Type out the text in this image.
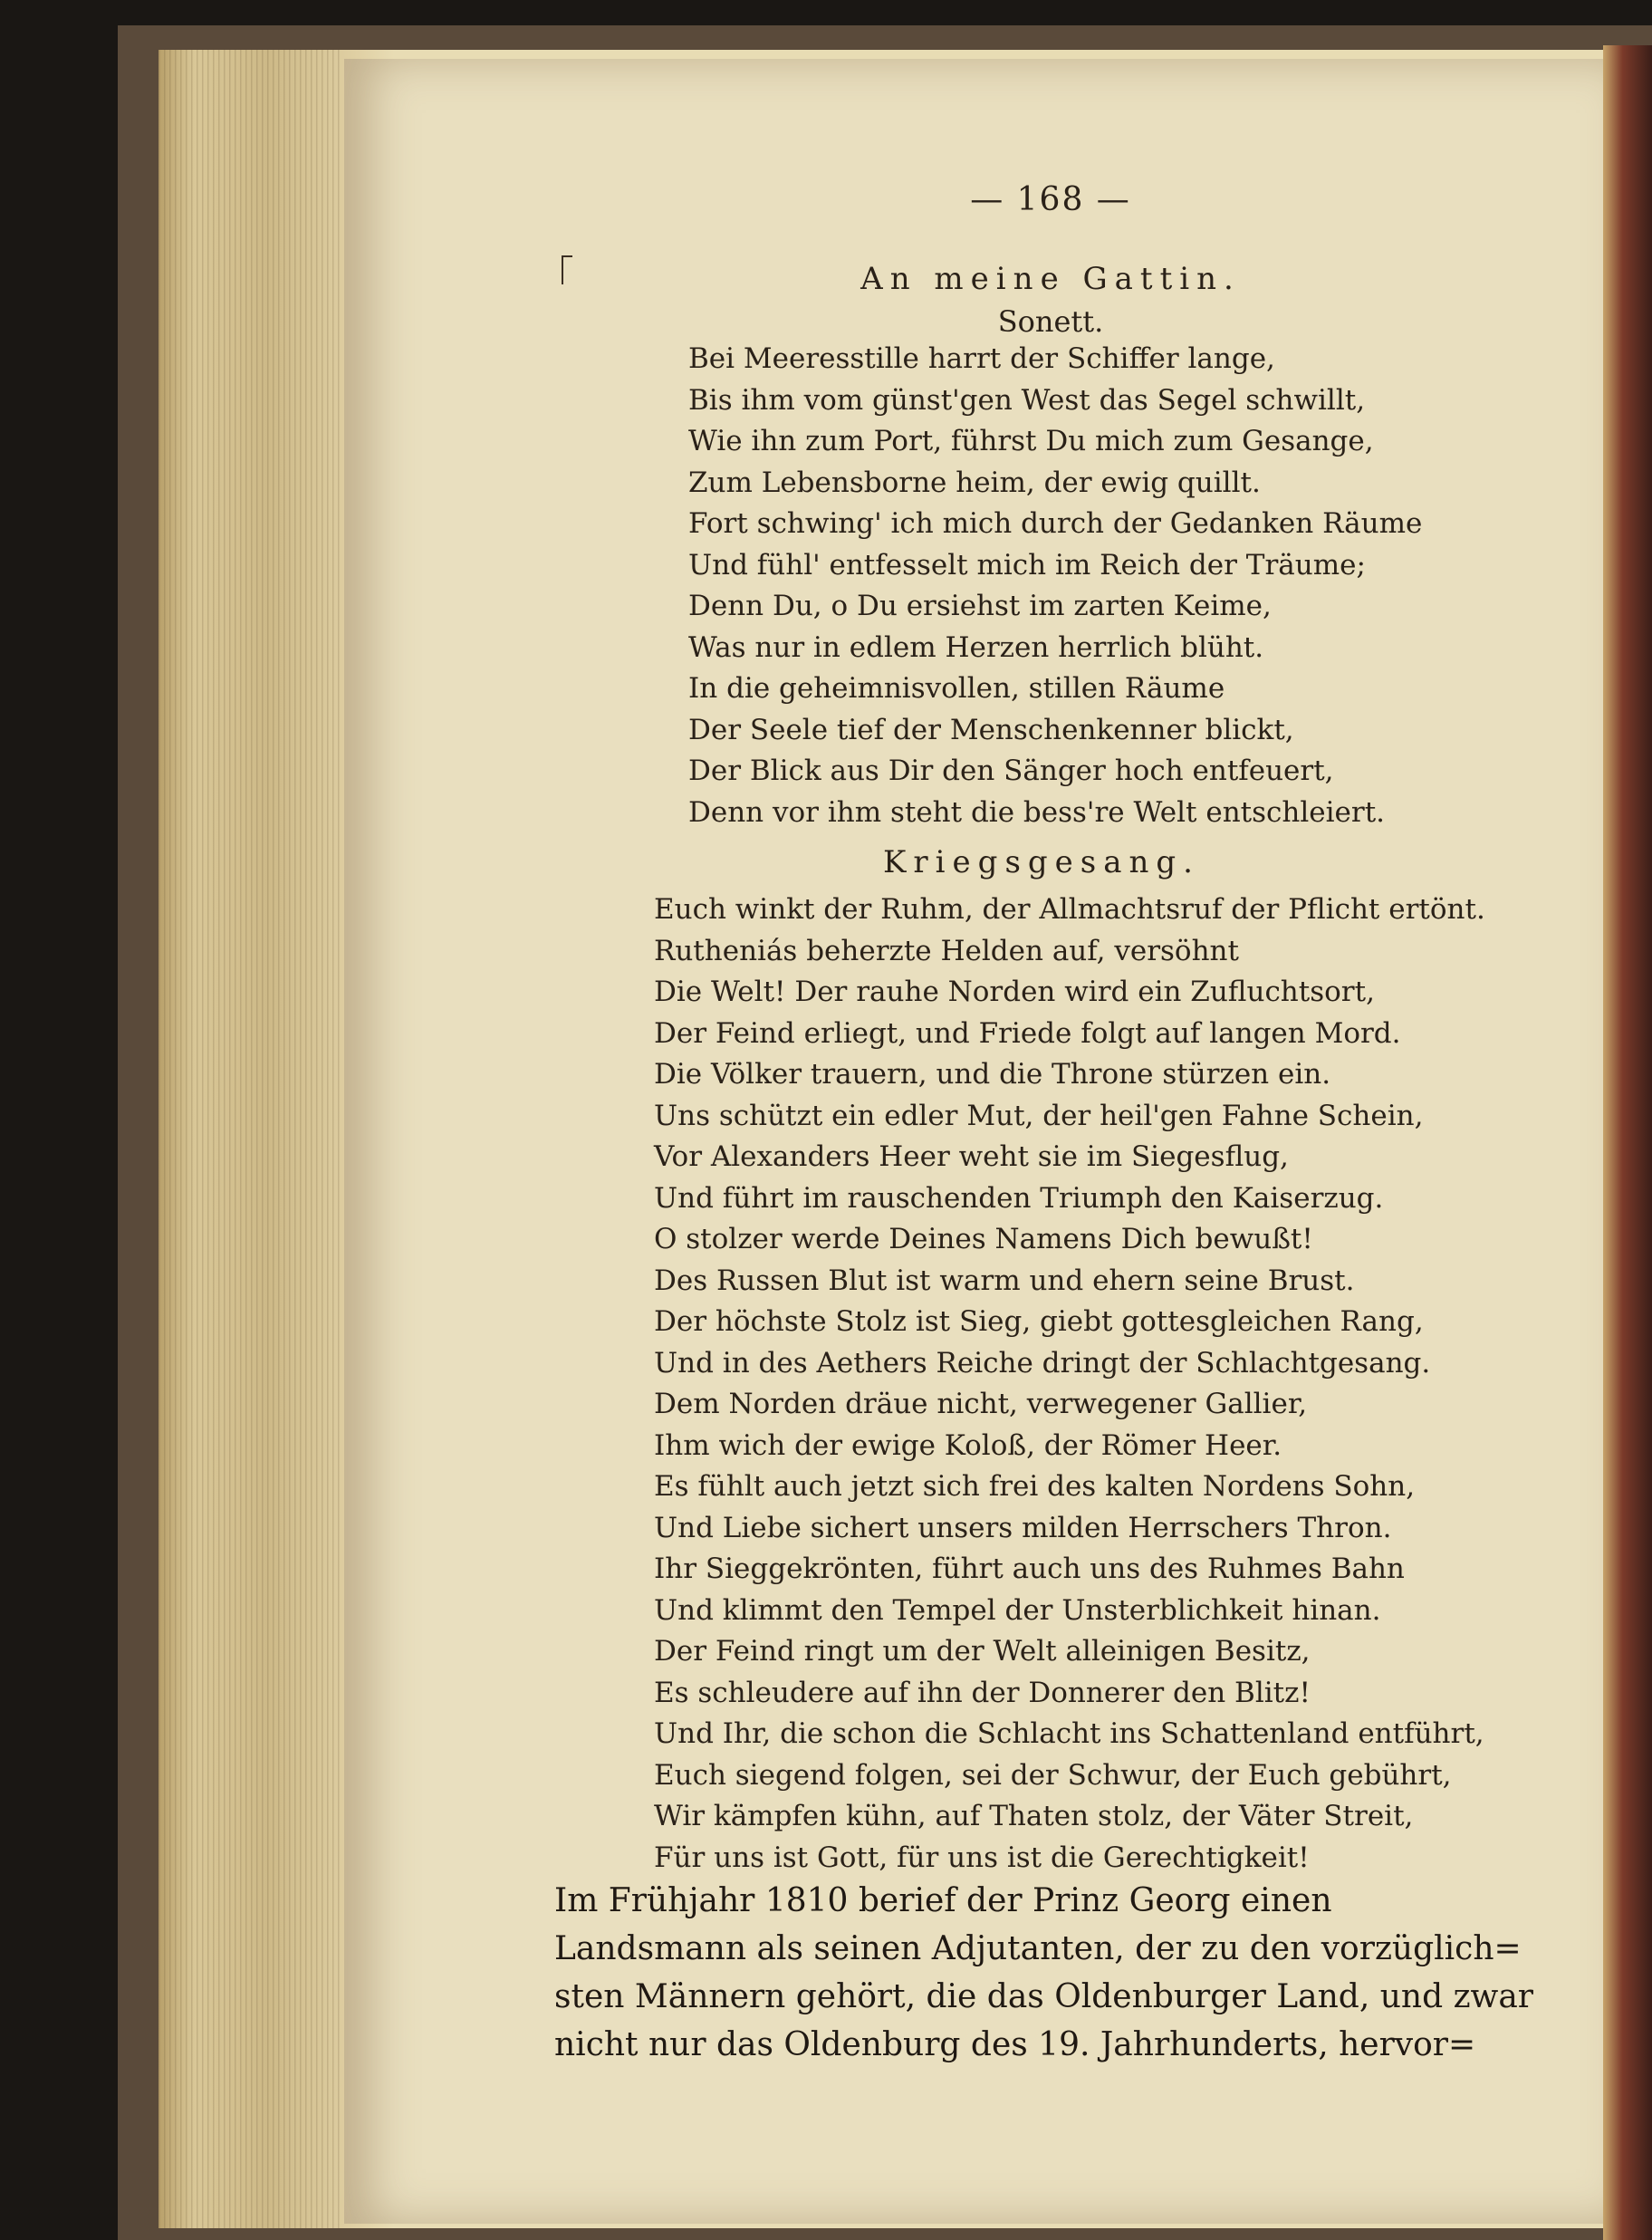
— 168 —
An meine Gattin.
Sonett.
Bei Meeresstille harrt der Schiffer lange,
Bis ihm vom günst'gen West das Segel schwillt,
Wie ihn zum Port, führst Du mich zum Gesange,
Zum Lebensborne heim, der ewig quillt.
Fort schwing' ich mich durch der Gedanken Räume
Und fühl' entfesselt mich im Reich der Träume;
Denn Du, o Du ersiehst im zarten Keime,
Was nur in edlem Herzen herrlich blüht.
In die geheimnisvollen, stillen Räume
Der Seele tief der Menschenkenner blickt,
Der Blick aus Dir den Sänger hoch entfeuert,
Denn vor ihm steht die bess're Welt entschleiert.
Kriegsgesang.
Euch winkt der Ruhm, der Allmachtsruf der Pflicht ertönt.
Rutheniás beherzte Helden auf, versöhnt
Die Welt! Der rauhe Norden wird ein Zufluchtsort,
Der Feind erliegt, und Friede folgt auf langen Mord.
Die Völker trauern, und die Throne stürzen ein.
Uns schützt ein edler Mut, der heil'gen Fahne Schein,
Vor Alexanders Heer weht sie im Siegesflug,
Und führt im rauschenden Triumph den Kaiserzug.
O stolzer werde Deines Namens Dich bewußt!
Des Russen Blut ist warm und ehern seine Brust.
Der höchste Stolz ist Sieg, giebt gottesgleichen Rang,
Und in des Aethers Reiche dringt der Schlachtgesang.
Dem Norden dräue nicht, verwegener Gallier,
Ihm wich der ewige Koloß, der Römer Heer.
Es fühlt auch jetzt sich frei des kalten Nordens Sohn,
Und Liebe sichert unsers milden Herrschers Thron.
Ihr Sieggekrönten, führt auch uns des Ruhmes Bahn
Und klimmt den Tempel der Unsterblichkeit hinan.
Der Feind ringt um der Welt alleinigen Besitz,
Es schleudere auf ihn der Donnerer den Blitz!
Und Ihr, die schon die Schlacht ins Schattenland entführt,
Euch siegend folgen, sei der Schwur, der Euch gebührt,
Wir kämpfen kühn, auf Thaten stolz, der Väter Streit,
Für uns ist Gott, für uns ist die Gerechtigkeit!
Im Frühjahr 1810 berief der Prinz Georg einen
Landsmann als seinen Adjutanten, der zu den vorzüglich=
sten Männern gehört, die das Oldenburger Land, und zwar
nicht nur das Oldenburg des 19. Jahrhunderts, hervor=
